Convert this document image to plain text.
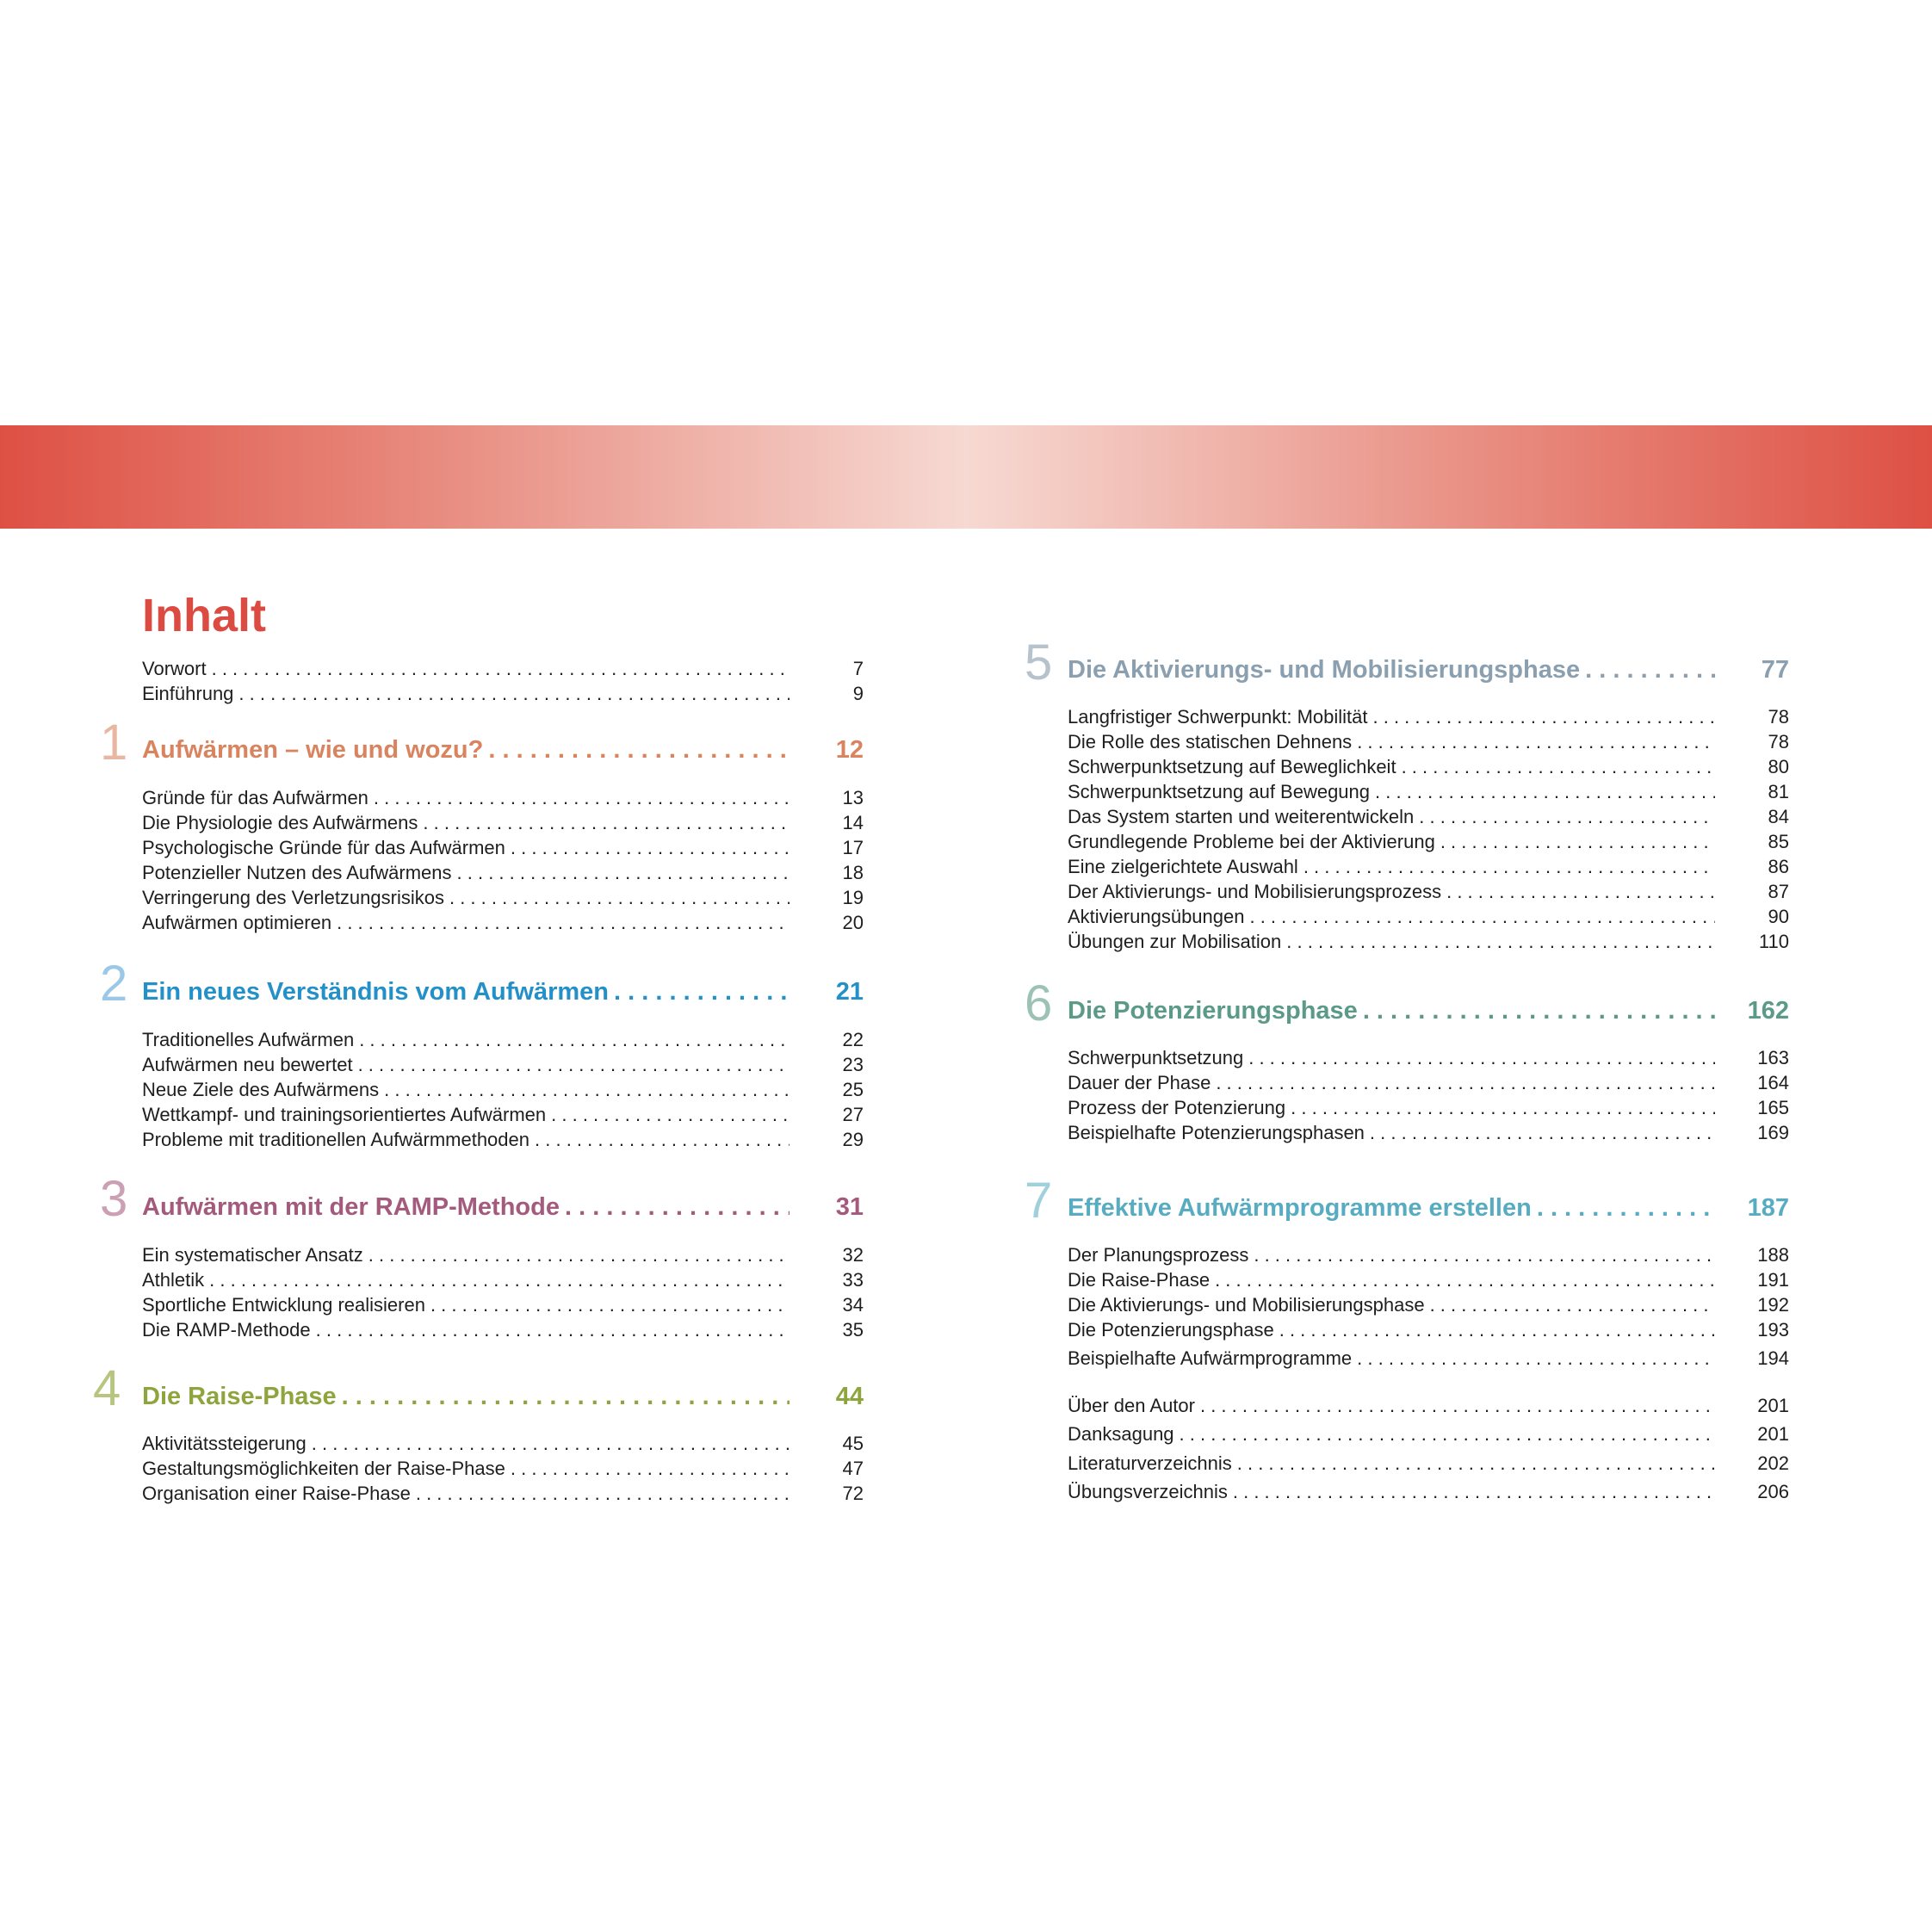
Inhalt
Vorwort . . .	7
Einführung . . .	9
1 Aufwärmen – wie und wozu? . . .	12
Gründe für das Aufwärmen . . .	13
Die Physiologie des Aufwärmens . . .	14
Psychologische Gründe für das Aufwärmen . . .	17
Potenzieller Nutzen des Aufwärmens . . .	18
Verringerung des Verletzungsrisikos . . .	19
Aufwärmen optimieren . . .	20
2 Ein neues Verständnis vom Aufwärmen . . .	21
Traditionelles Aufwärmen . . .	22
Aufwärmen neu bewertet . . .	23
Neue Ziele des Aufwärmens . . .	25
Wettkampf- und trainingsorientiertes Aufwärmen . . .	27
Probleme mit traditionellen Aufwärmmethoden . . .	29
3 Aufwärmen mit der RAMP-Methode . . .	31
Ein systematischer Ansatz . . .	32
Athletik . . .	33
Sportliche Entwicklung realisieren . . .	34
Die RAMP-Methode . . .	35
4 Die Raise-Phase . . .	44
Aktivitätssteigerung . . .	45
Gestaltungsmöglichkeiten der Raise-Phase . . .	47
Organisation einer Raise-Phase . . .	72
5 Die Aktivierungs- und Mobilisierungsphase . . .	77
Langfristiger Schwerpunkt: Mobilität . . .	78
Die Rolle des statischen Dehnens . . .	78
Schwerpunktsetzung auf Beweglichkeit . . .	80
Schwerpunktsetzung auf Bewegung . . .	81
Das System starten und weiterentwickeln . . .	84
Grundlegende Probleme bei der Aktivierung . . .	85
Eine zielgerichtete Auswahl . . .	86
Der Aktivierungs- und Mobilisierungsprozess . . .	87
Aktivierungsübungen . . .	90
Übungen zur Mobilisation . . .	110
6 Die Potenzierungsphase . . .	162
Schwerpunktsetzung . . .	163
Dauer der Phase . . .	164
Prozess der Potenzierung . . .	165
Beispielhafte Potenzierungsphasen . . .	169
7 Effektive Aufwärmprogramme erstellen . . .	187
Der Planungsprozess . . .	188
Die Raise-Phase . . .	191
Die Aktivierungs- und Mobilisierungsphase . . .	192
Die Potenzierungsphase . . .	193
Beispielhafte Aufwärmprogramme . . .	194
Über den Autor . . .	201
Danksagung . . .	201
Literaturverzeichnis . . .	202
Übungsverzeichnis . . .	206
